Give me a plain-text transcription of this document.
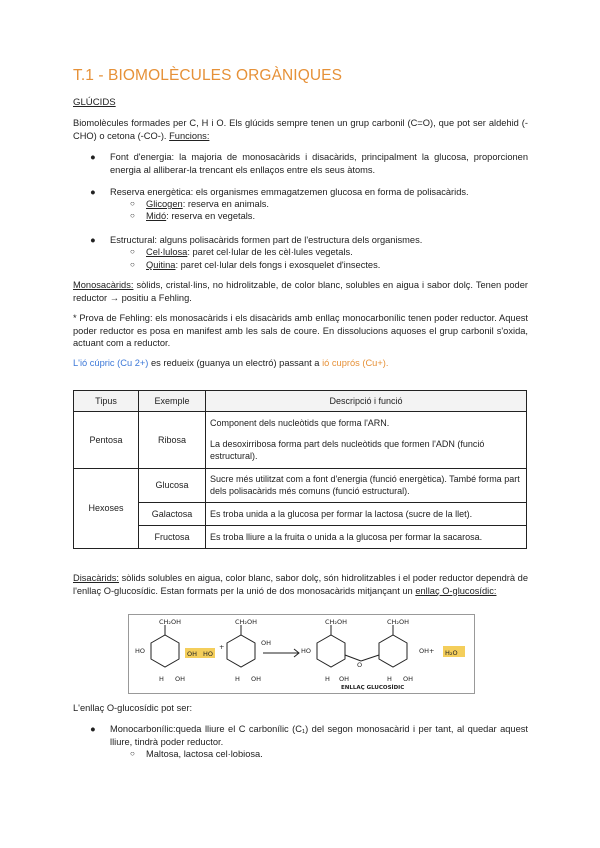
T.1 - BIOMOLÈCULES ORGÀNIQUES
GLÚCIDS
Biomolècules formades per C, H i O. Els glúcids sempre tenen un grup carbonil (C=O), que pot ser aldehid (-CHO) o cetona (-CO-). Funcions:
● Font d'energia: la majoria de monosacàrids i disacàrids, principalment la glucosa, proporcionen energia al alliberar-la trencant els enllaços entre els seus àtoms.
● Reserva energètica: els organismes emmagatzemen glucosa en forma de polisacàrids.
○ Glicogen: reserva en animals.
○ Midó: reserva en vegetals.
● Estructural: alguns polisacàrids formen part de l'estructura dels organismes.
○ Cel·lulosa: paret cel·lular de les cèl·lules vegetals.
○ Quitina: paret cel·lular dels fongs i exosquelet d'insectes.
Monosacàrids: sòlids, cristal·lins, no hidrolitzable, de color blanc, solubles en aigua i sabor dolç. Tenen poder reductor → positiu a Fehling.
* Prova de Fehling: els monosacàrids i els disacàrids amb enllaç monocarbonílic tenen poder reductor. Aquest poder reductor es posa en manifest amb les sals de coure. En dissolucions aquoses el grup carbonil s'oxida, actuant com a reductor.
L'ió cúpric (Cu 2+) es redueix (guanya un electró) passant a ió cuprós (Cu+).
Tipus	Exemple	Descripció i funció
Pentosa	Ribosa	Component dels nucleòtids que forma l'ARN.
La desoxirribosa forma part dels nucleòtids que formen l'ADN (funció estructural).

Hexoses	Glucosa	Sucre més utilitzat com a font d'energia (funció energètica). També forma part dels polisacàrids més comuns (funció estructural).
	Galactosa	Es troba unida a la glucosa per formar la lactosa (sucre de la llet).
	Fructosa	Es troba lliure a la fruita o unida a la glucosa per formar la sacarosa.
Disacàrids: sòlids solubles en aigua, color blanc, sabor dolç, són hidrolitzables i el poder reductor dependrà de l'enllaç O-glucosídic. Estan formats per la unió de dos monosacàrids mitjançant un enllaç O-glucosídic:
CH₂OH	CH₂OH	CH₂OH	CH₂OH
HO	OH HO
OH
HO	OH
H OH	H OH	H OH	H OH
+ H₂O
+
O
ENLLAÇ GLUCOSÍDIC
L'enllaç O-glucosídic pot ser:
● Monocarbonílic:queda lliure el C carbonílic (C₁) del segon monosacàrid i per tant, al quedar aquest lliure, tindrà poder reductor.
○ Maltosa, lactosa cel·lobiosa.
